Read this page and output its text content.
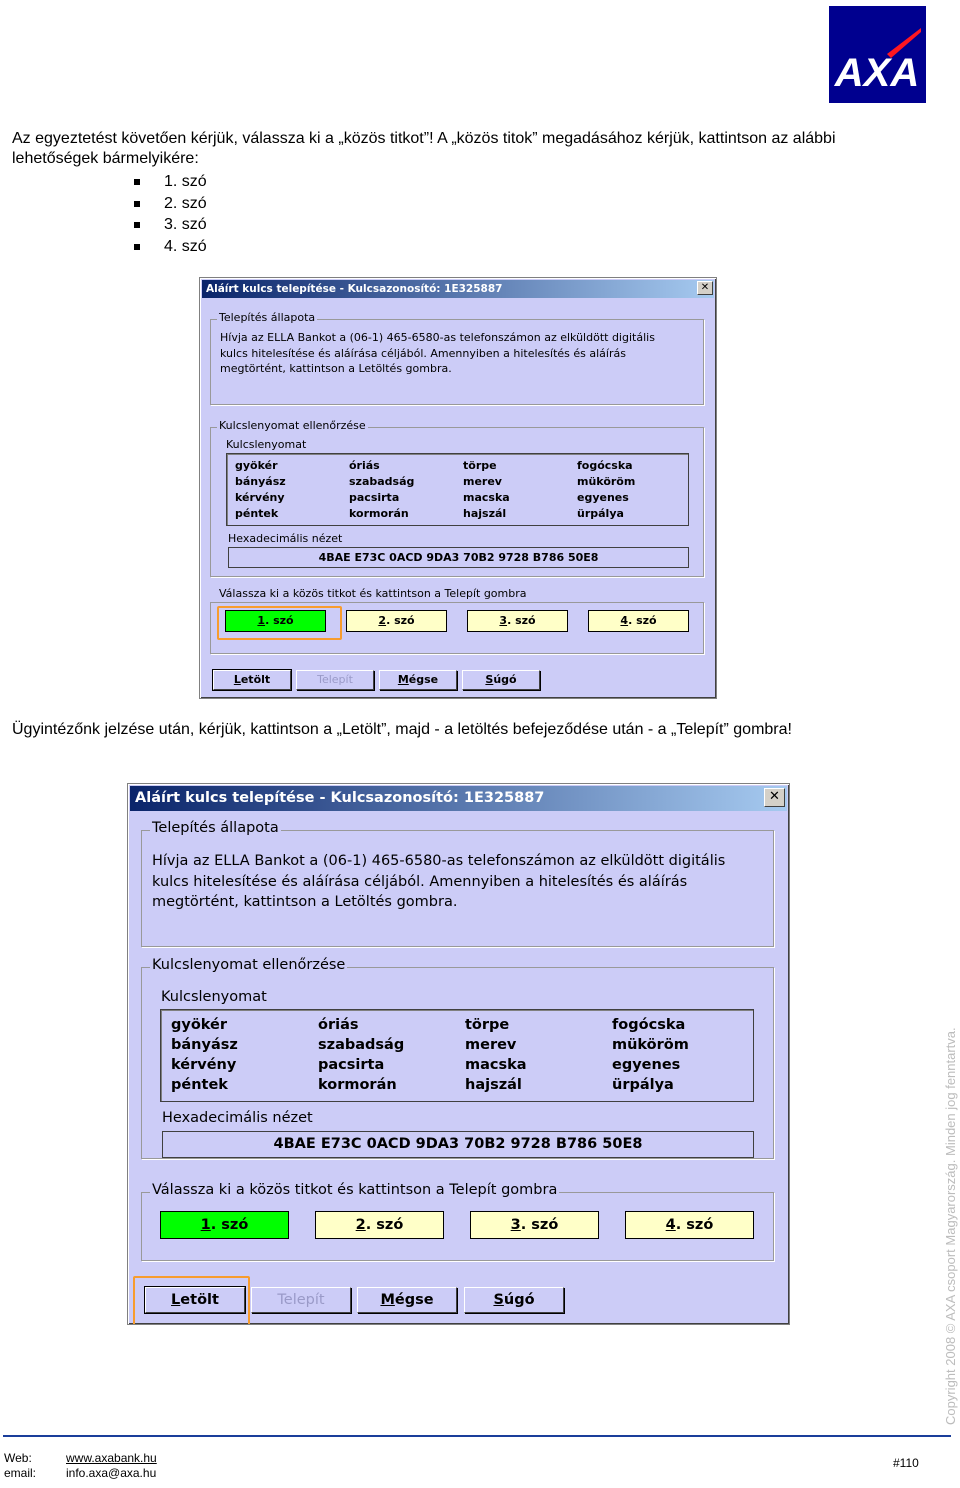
AXA
Az egyeztetést követően kérjük, válassza ki a „közös titkot”! A „közös titok” megadásához kérjük, kattintson az alábbi lehetőségek bármelyikére:
1. szó
2. szó
3. szó
4. szó
Aláírt kulcs telepítése - Kulcsazonosító: 1E325887	✕
Telepítés állapota
Hívja az ELLA Bankot a (06-1) 465-6580-as telefonszámon az elküldött digitális kulcs hitelesítése és aláírása céljából. Amennyiben a hitelesítés és aláírás megtörtént, kattintson a Letöltés gombra.
Kulcslenyomat ellenőrzése
Kulcslenyomat
gyökér	óriás	törpe	fogócska
bányász	szabadság	merev	müköröm
kérvény	pacsirta	macska	egyenes
péntek	kormorán	hajszál	ürpálya
Hexadecimális nézet
4BAE E73C 0ACD 9DA3 70B2 9728 B786 50E8
Válassza ki a közös titkot és kattintson a Telepít gombra
1. szó	2. szó	3. szó	4. szó
Letölt	Telepít	Mégse	Súgó
Ügyintézőnk jelzése után, kérjük, kattintson a „Letölt”, majd - a letöltés befejeződése után - a „Telepít” gombra!
Aláírt kulcs telepítése - Kulcsazonosító: 1E325887	✕
Telepítés állapota
Hívja az ELLA Bankot a (06-1) 465-6580-as telefonszámon az elküldött digitális kulcs hitelesítése és aláírása céljából. Amennyiben a hitelesítés és aláírás megtörtént, kattintson a Letöltés gombra.
Kulcslenyomat ellenőrzése
Kulcslenyomat
gyökér	óriás	törpe	fogócska
bányász	szabadság	merev	müköröm
kérvény	pacsirta	macska	egyenes
péntek	kormorán	hajszál	ürpálya
Hexadecimális nézet
4BAE E73C 0ACD 9DA3 70B2 9728 B786 50E8
Válassza ki a közös titkot és kattintson a Telepít gombra
1. szó	2. szó	3. szó	4. szó
Letölt	Telepít	Mégse	Súgó	Copyright 2008 © AXA csoport Magyarország. Minden jog fenntartva.
Web:	www.axabank.hu
email: info.axa@axa.hu
#110
